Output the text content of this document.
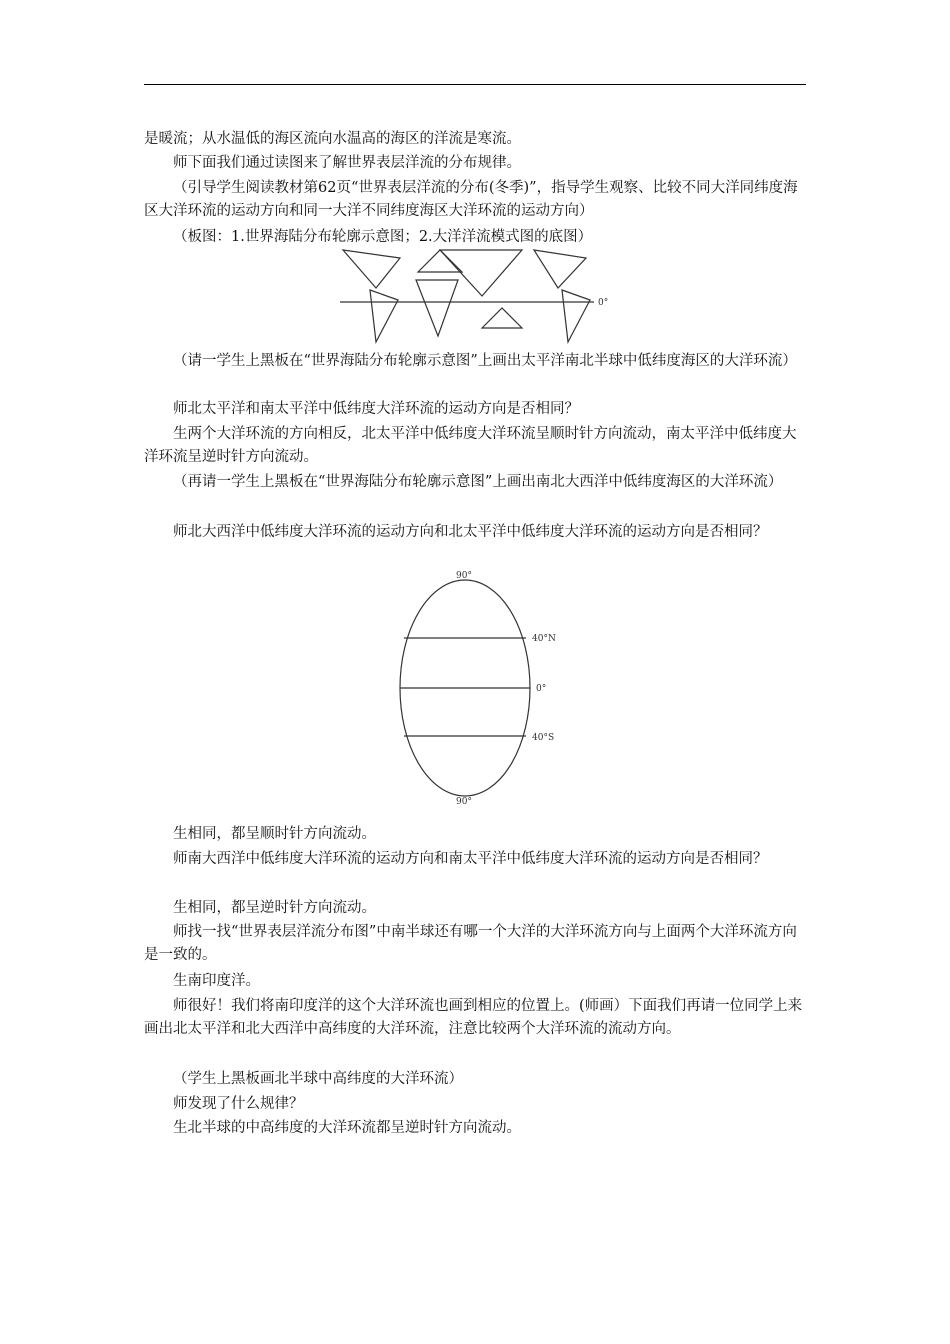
是暖流；从水温低的海区流向水温高的海区的洋流是寒流。

师下面我们通过读图来了解世界表层洋流的分布规律。

（引导学生阅读教材第62页“世界表层洋流的分布(冬季)”，指导学生观察、比较不同大洋同纬度海区大洋环流的运动方向和同一大洋不同纬度海区大洋环流的运动方向）

（板图：1.世界海陆分布轮廓示意图；2.大洋洋流模式图的底图）

0°

（请一学生上黑板在“世界海陆分布轮廓示意图”上画出太平洋南北半球中低纬度海区的大洋环流）

师北太平洋和南太平洋中低纬度大洋环流的运动方向是否相同？

生两个大洋环流的方向相反，北太平洋中低纬度大洋环流呈顺时针方向流动，南太平洋中低纬度大洋环流呈逆时针方向流动。

（再请一学生上黑板在“世界海陆分布轮廓示意图”上画出南北大西洋中低纬度海区的大洋环流）

师北大西洋中低纬度大洋环流的运动方向和北太平洋中低纬度大洋环流的运动方向是否相同？

90°
40°N
0°
40°S
90°

生相同，都呈顺时针方向流动。

师南大西洋中低纬度大洋环流的运动方向和南太平洋中低纬度大洋环流的运动方向是否相同？

生相同，都呈逆时针方向流动。

师找一找“世界表层洋流分布图”中南半球还有哪一个大洋的大洋环流方向与上面两个大洋环流方向是一致的。

生南印度洋。

师很好！我们将南印度洋的这个大洋环流也画到相应的位置上。(师画）下面我们再请一位同学上来画出北太平洋和北大西洋中高纬度的大洋环流，注意比较两个大洋环流的流动方向。

（学生上黑板画北半球中高纬度的大洋环流）

师发现了什么规律？

生北半球的中高纬度的大洋环流都呈逆时针方向流动。
